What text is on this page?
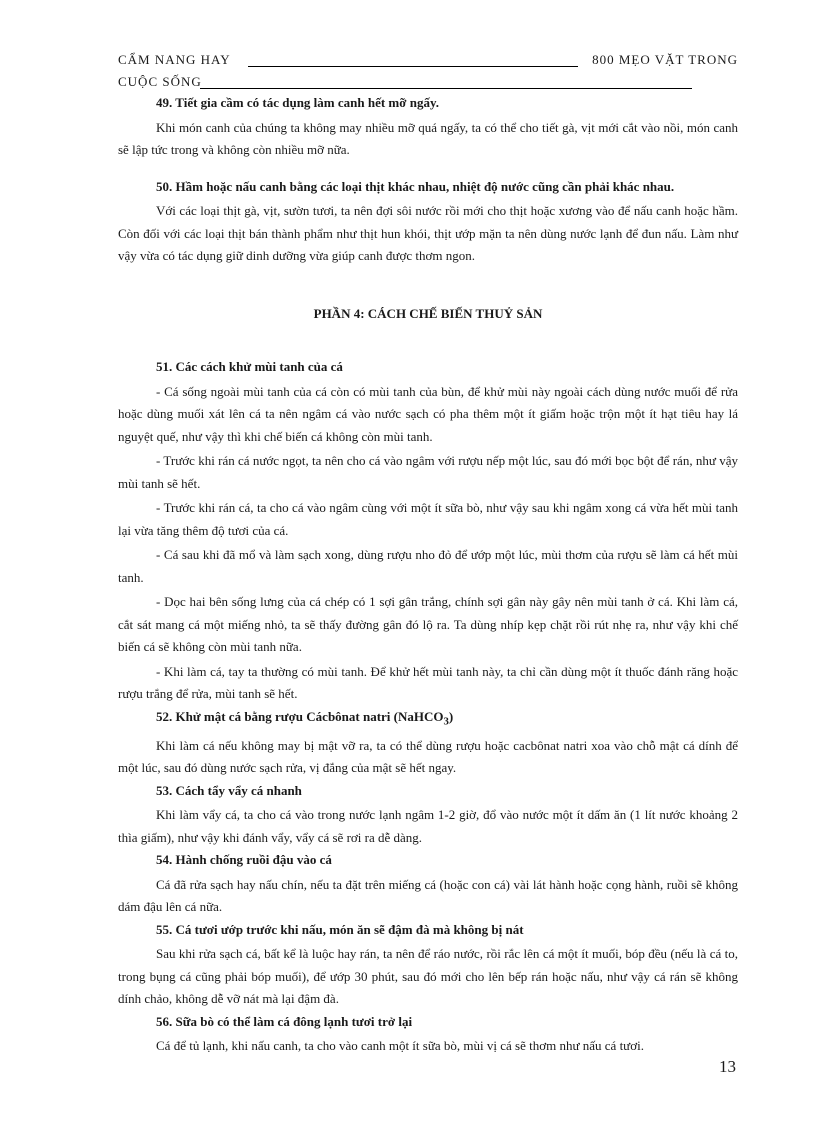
CẨM NANG HAY	800 MẸO VẶT TRONG
CUỘC SỐNG

49. Tiết gia cầm có tác dụng làm canh hết mỡ ngấy.

Khi món canh của chúng ta không may nhiều mỡ quá ngấy, ta có thể cho tiết gà, vịt mới cắt vào nồi, món canh sẽ lập tức trong và không còn nhiều mỡ nữa.

50. Hầm hoặc nấu canh bằng các loại thịt khác nhau, nhiệt độ nước cũng cần phải khác nhau.

Với các loại thịt gà, vịt, sườn tươi, ta nên đợi sôi nước rồi mới cho thịt hoặc xương vào để nấu canh hoặc hầm. Còn đối với các loại thịt bán thành phẩm như thịt hun khói, thịt ướp mặn ta nên dùng nước lạnh để đun nấu. Làm như vậy vừa có tác dụng giữ dinh dưỡng vừa giúp canh được thơm ngon.

PHẦN 4: CÁCH CHẾ BIẾN THUỶ SẢN

51. Các cách khử mùi tanh của cá

- Cá sống ngoài mùi tanh của cá còn có mùi tanh của bùn, để khử mùi này ngoài cách dùng nước muối để rửa hoặc dùng muối xát lên cá ta nên ngâm cá vào nước sạch có pha thêm một ít giấm hoặc trộn một ít hạt tiêu hay lá nguyệt quế, như vậy thì khi chế biến cá không còn mùi tanh.

- Trước khi rán cá nước ngọt, ta nên cho cá vào ngâm với rượu nếp một lúc, sau đó mới bọc bột để rán, như vậy mùi tanh sẽ hết.

- Trước khi rán cá, ta cho cá vào ngâm cùng với một ít sữa bò, như vậy sau khi ngâm xong cá vừa hết mùi tanh lại vừa tăng thêm độ tươi của cá.

- Cá sau khi đã mổ và làm sạch xong, dùng rượu nho đỏ để ướp một lúc, mùi thơm của rượu sẽ làm cá hết mùi tanh.

- Dọc hai bên sống lưng của cá chép có 1 sợi gân trắng, chính sợi gân này gây nên mùi tanh ở cá. Khi làm cá, cắt sát mang cá một miếng nhỏ, ta sẽ thấy đường gân đó lộ ra. Ta dùng nhíp kẹp chặt rồi rút nhẹ ra, như vậy khi chế biến cá sẽ không còn mùi tanh nữa.

- Khi làm cá, tay ta thường có mùi tanh. Để khử hết mùi tanh này, ta chỉ cần dùng một ít thuốc đánh răng hoặc rượu trắng để rửa, mùi tanh sẽ hết.

52. Khử mật cá bằng rượu Cácbônat natri (NaHCO$_3$)

Khi làm cá nếu không may bị mật vỡ ra, ta có thể dùng rượu hoặc cacbônat natri xoa vào chỗ mật cá dính để một lúc, sau đó dùng nước sạch rửa, vị đắng của mật sẽ hết ngay.

53. Cách tẩy vẩy cá nhanh

Khi làm vẩy cá, ta cho cá vào trong nước lạnh ngâm 1-2 giờ, đổ vào nước một ít dấm ăn (1 lít nước khoảng 2 thìa giấm), như vậy khi đánh vẩy, vẩy cá sẽ rơi ra dễ dàng.

54. Hành chống ruồi đậu vào cá

Cá đã rửa sạch hay nấu chín, nếu ta đặt trên miếng cá (hoặc con cá) vài lát hành hoặc cọng hành, ruồi sẽ không dám đậu lên cá nữa.

55. Cá tươi ướp trước khi nấu, món ăn sẽ đậm đà mà không bị nát

Sau khi rửa sạch cá, bất kể là luộc hay rán, ta nên để ráo nước, rồi rắc lên cá một ít muối, bóp đều (nếu là cá to, trong bụng cá cũng phải bóp muối), để ướp 30 phút, sau đó mới cho lên bếp rán hoặc nấu, như vậy cá rán sẽ không dính chảo, không dễ vỡ nát mà lại đậm đà.

56. Sữa bò có thể làm cá đông lạnh tươi trở lại

Cá để tủ lạnh, khi nấu canh, ta cho vào canh một ít sữa bò, mùi vị cá sẽ thơm như nấu cá tươi.

13
